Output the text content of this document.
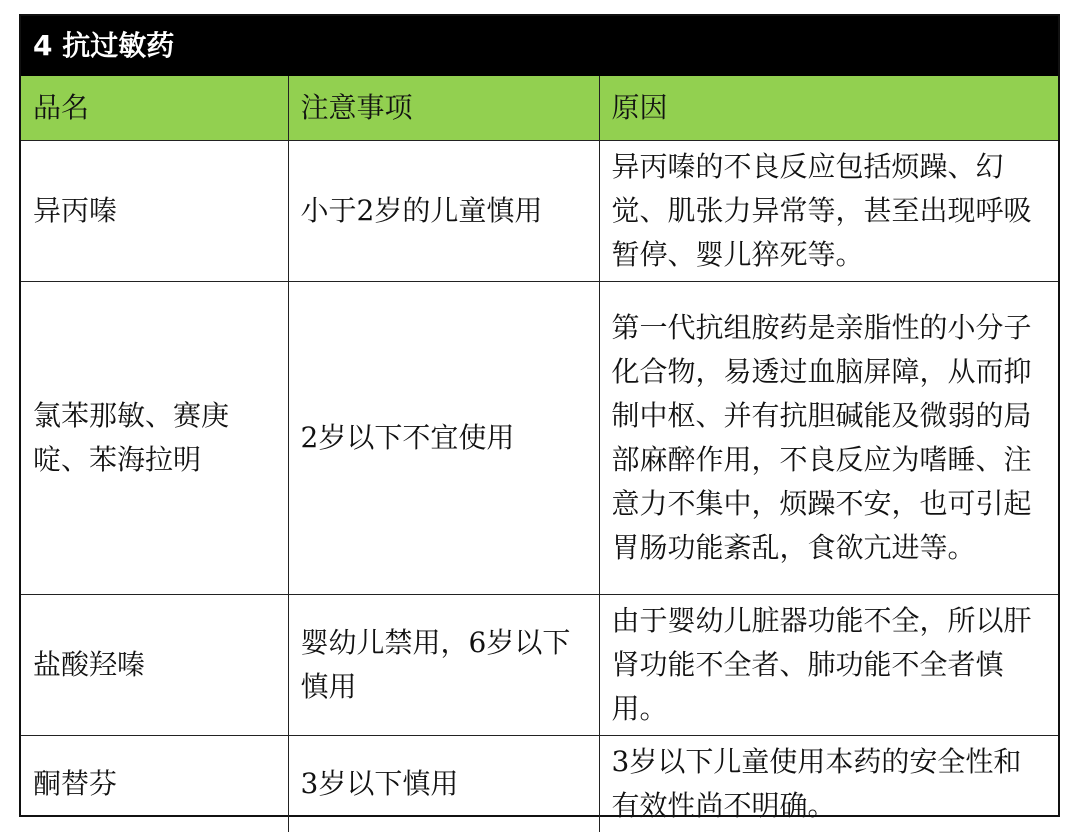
4 抗过敏药
品名	注意事项	原因
异丙嗪	小于2岁的儿童慎用	异丙嗪的不良反应包括烦躁、幻觉、肌张力异常等，甚至出现呼吸暂停、婴儿猝死等。
氯苯那敏、赛庚啶、苯海拉明	2岁以下不宜使用	第一代抗组胺药是亲脂性的小分子化合物，易透过血脑屏障，从而抑制中枢、并有抗胆碱能及微弱的局部麻醉作用，不良反应为嗜睡、注意力不集中，烦躁不安，也可引起胃肠功能紊乱，食欲亢进等。
盐酸羟嗪	婴幼儿禁用，6岁以下慎用	由于婴幼儿脏器功能不全，所以肝肾功能不全者、肺功能不全者慎用。
酮替芬	3岁以下慎用	3岁以下儿童使用本药的安全性和有效性尚不明确。
